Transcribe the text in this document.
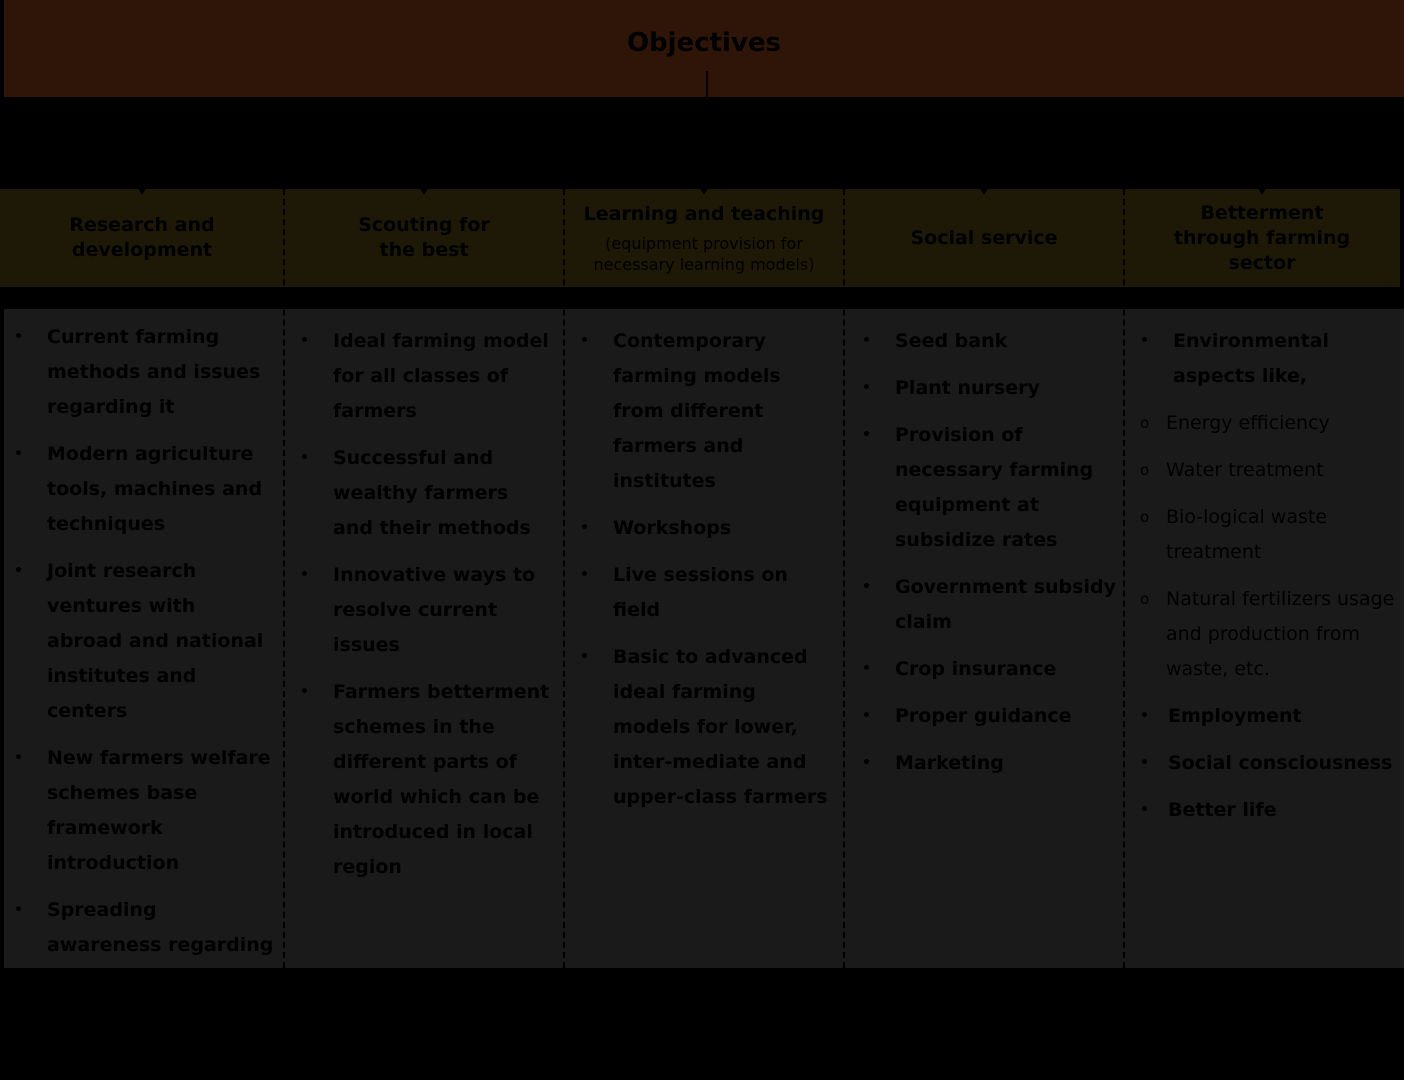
Objectives
Research and development
Scouting for the best
Learning and teaching
(equipment provision for necessary learning models)
Social service
Betterment through farming sector
• Current farming methods and issues regarding it
• Modern agriculture tools, machines and techniques
• Joint research ventures with abroad and national institutes and centers
• New farmers welfare schemes base framework introduction
• Spreading awareness regarding farming evolution and latest trends in the market
• Ideal farming model for all classes of farmers
• Successful and wealthy farmers and their methods
• Innovative ways to resolve current issues
• Farmers betterment schemes in the different parts of world which can be introduced in local region
• Contemporary farming models from different farmers and institutes
• Workshops
• Live sessions on field
• Basic to advanced ideal farming models for lower, inter-mediate and upper-class farmers
• Seed bank
• Plant nursery
• Provision of necessary farming equipment at subsidize rates
• Government subsidy claim
• Crop insurance
• Proper guidance
• Marketing
• Environmental aspects like,
o Energy efficiency
o Water treatment
o Bio-logical waste treatment
o Natural fertilizers usage and production from waste, etc.
• Employment
• Social consciousness
• Better life
